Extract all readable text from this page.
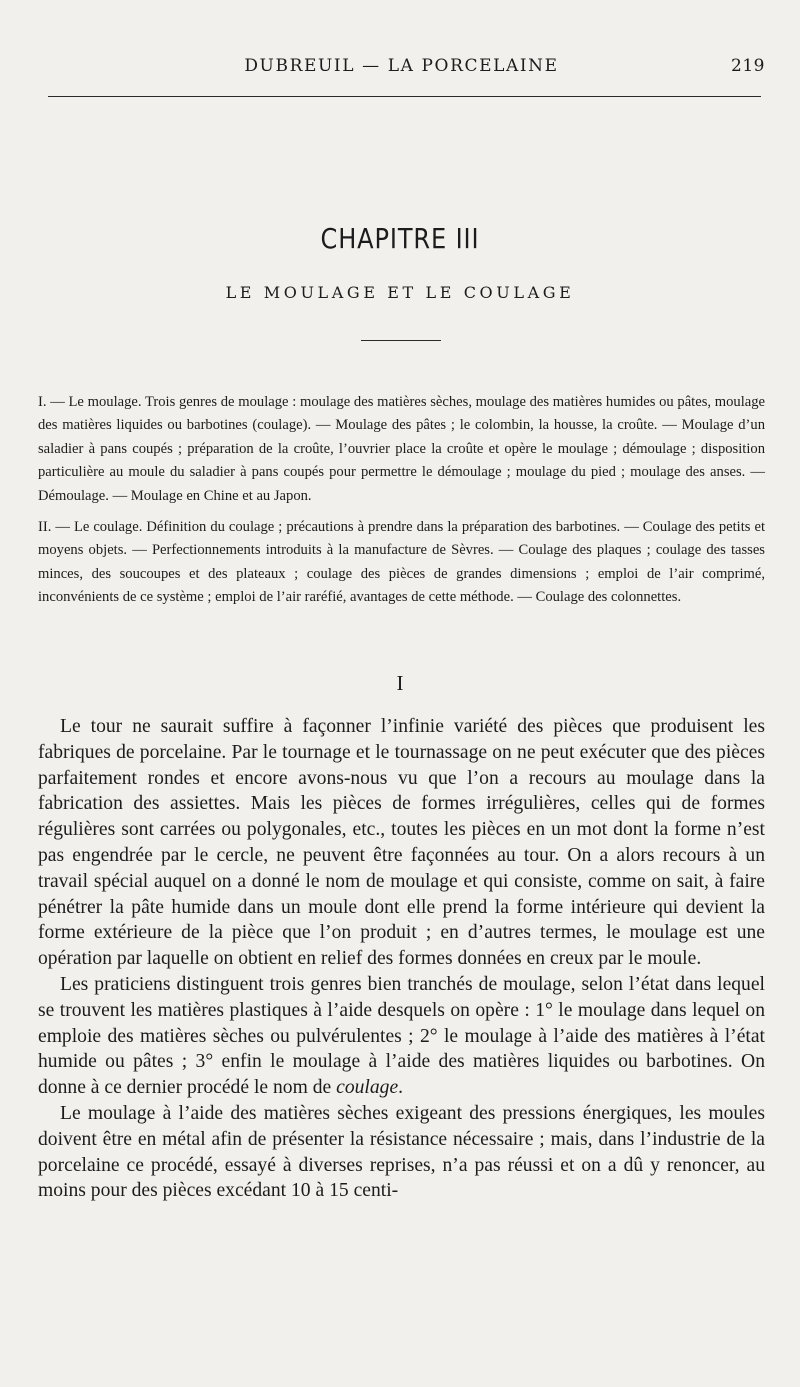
DUBREUIL — LA PORCELAINE	219
CHAPITRE III
LE MOULAGE ET LE COULAGE

I. — Le moulage. Trois genres de moulage : moulage des matières sèches, moulage des matières humides ou pâtes, moulage des matières liquides ou barbotines (coulage). — Moulage des pâtes ; le colombin, la housse, la croûte. — Moulage d’un saladier à pans coupés ; préparation de la croûte, l’ouvrier place la croûte et opère le moulage ; démoulage ; disposition particulière au moule du saladier à pans coupés pour permettre le démoulage ; moulage du pied ; moulage des anses. — Démoulage. — Moulage en Chine et au Japon.

II. — Le coulage. Définition du coulage ; précautions à prendre dans la préparation des barbotines. — Coulage des petits et moyens objets. — Perfectionnements introduits à la manufacture de Sèvres. — Coulage des plaques ; coulage des tasses minces, des soucoupes et des plateaux ; coulage des pièces de grandes dimensions ; emploi de l’air comprimé, inconvénients de ce système ; emploi de l’air raréfié, avantages de cette méthode. — Coulage des colonnettes.

I

Le tour ne saurait suffire à façonner l’infinie variété des pièces que produisent les fabriques de porcelaine. Par le tournage et le tournassage on ne peut exécuter que des pièces parfaitement rondes et encore avons-nous vu que l’on a recours au moulage dans la fabrication des assiettes. Mais les pièces de formes irrégulières, celles qui de formes régulières sont carrées ou polygonales, etc., toutes les pièces en un mot dont la forme n’est pas engendrée par le cercle, ne peuvent être façonnées au tour. On a alors recours à un travail spécial auquel on a donné le nom de moulage et qui consiste, comme on sait, à faire pénétrer la pâte humide dans un moule dont elle prend la forme intérieure qui devient la forme extérieure de la pièce que l’on produit ; en d’autres termes, le moulage est une opération par laquelle on obtient en relief des formes données en creux par le moule.

Les praticiens distinguent trois genres bien tranchés de moulage, selon l’état dans lequel se trouvent les matières plastiques à l’aide desquels on opère : 1° le moulage dans lequel on emploie des matières sèches ou pulvérulentes ; 2° le moulage à l’aide des matières à l’état humide ou pâtes ; 3° enfin le moulage à l’aide des matières liquides ou barbotines. On donne à ce dernier procédé le nom de coulage.

Le moulage à l’aide des matières sèches exigeant des pressions énergiques, les moules doivent être en métal afin de présenter la résistance nécessaire ; mais, dans l’industrie de la porcelaine ce procédé, essayé à diverses reprises, n’a pas réussi et on a dû y renoncer, au moins pour des pièces excédant 10 à 15 centi-
